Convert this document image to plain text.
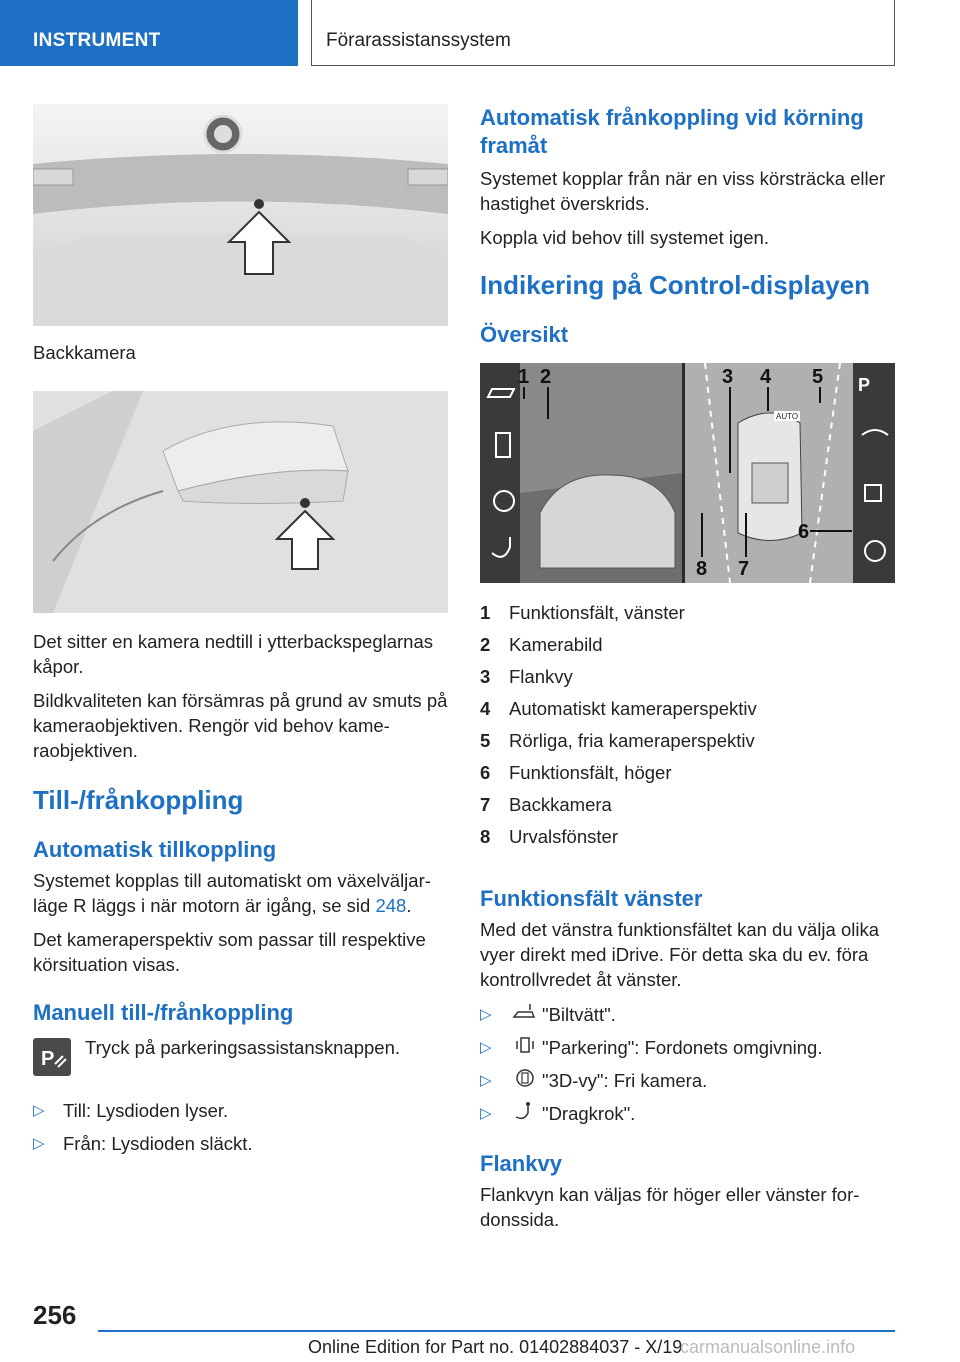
INSTRUMENT	Förarassistanssystem

Backkamera

Det sitter en kamera nedtill i ytterbackspeglarnas kåpor.

Bildkvaliteten kan försämras på grund av smuts på kameraobjektiven. Rengör vid behov kameraobjektiven.

Till-/frånkoppling
Automatisk tillkoppling

Systemet kopplas till automatiskt om växelväljarläge R läggs i när motorn är igång, se sid 248.

Det kameraperspektiv som passar till respektive körsituation visas.

Manuell till-/frånkoppling
P

Tryck på parkeringsassistansknappen.

▷ Till: Lysdioden lyser.
▷ Från: Lysdioden släckt.
Automatisk frånkoppling vid körning framåt

Systemet kopplar från när en viss körsträcka eller hastighet överskrids.

Koppla vid behov till systemet igen.

Indikering på Control-displayen
Översikt
AUTO
P
1 2	3 4 5
6
7
8
1	Funktionsfält, vänster
2	Kamerabild
3	Flankvy
4	Automatiskt kameraperspektiv
5	Rörliga, fria kameraperspektiv
6	Funktionsfält, höger
7	Backkamera
8	Urvalsfönster
Funktionsfält vänster

Med det vänstra funktionsfältet kan du välja olika vyer direkt med iDrive. För detta ska du ev. föra kontrollvredet åt vänster.

▷	"Biltvätt".
▷	"Parkering": Fordonets omgivning.
▷	"3D-vy": Fri kamera.
▷	"Dragkrok".
Flankvy

Flankvyn kan väljas för höger eller vänster fordonssida.

256
Online Edition for Part no. 01402884037 - X/19
carmanualsonline.info
